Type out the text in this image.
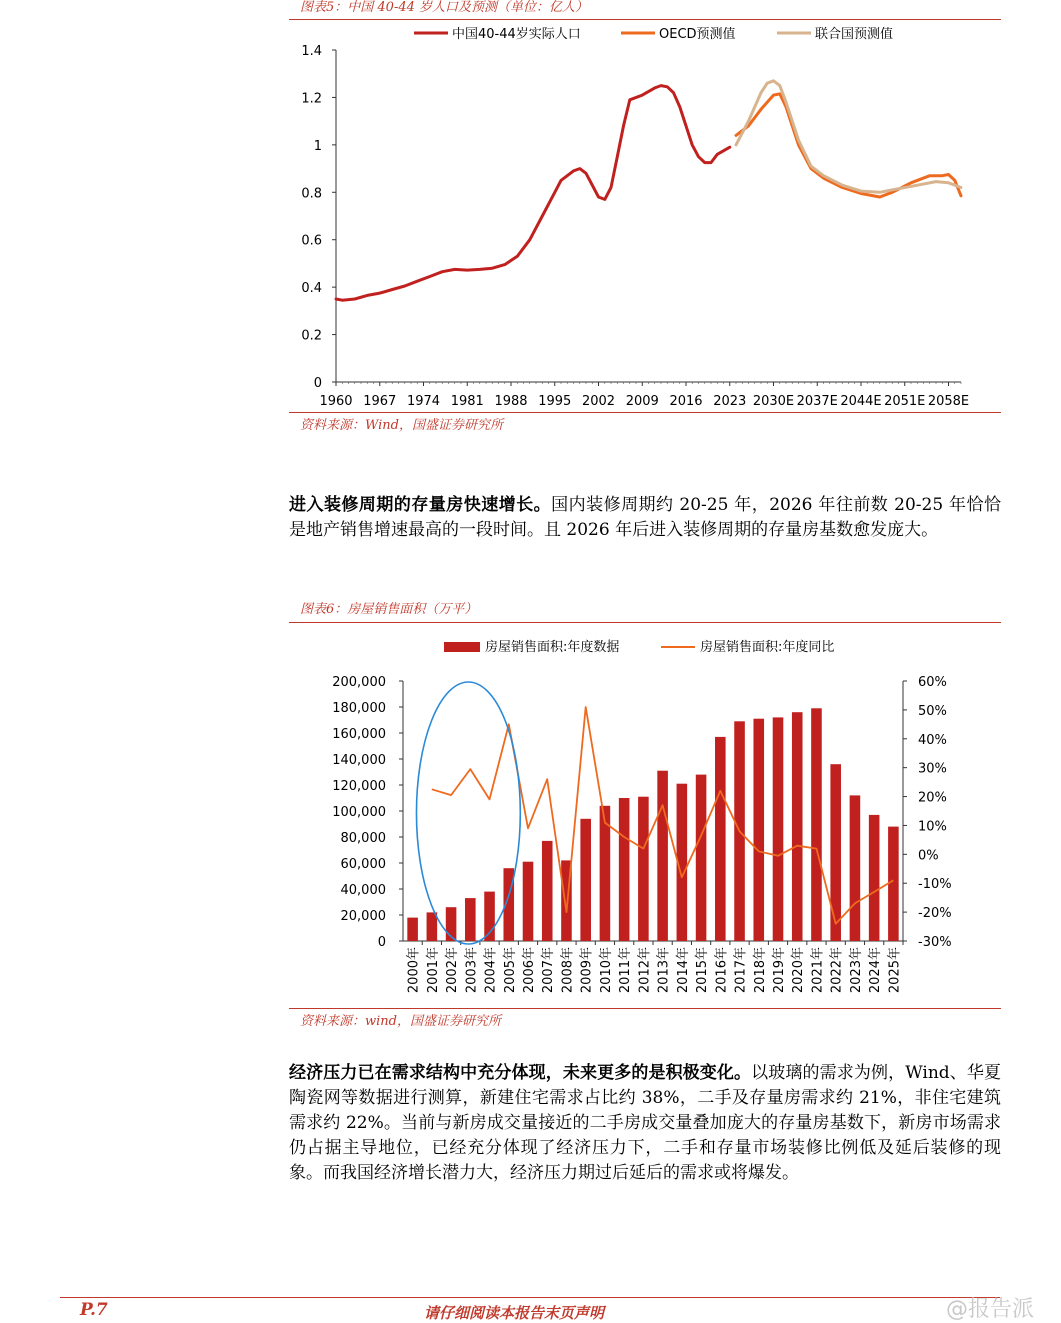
图表5：中国 40-44 岁人口及预测（单位：亿人）
0
0.2
0.4
0.6
0.8
1
1.2
1.4
1960 1967 1974 1981 1988 1995 2002 2009 2016 2023 2030E 2037E 2044E 2051E 2058E
中国40-44岁实际人口	OECD预测值	联合国预测值
资料来源：Wind，国盛证券研究所
进入装修周期的存量房快速增长。国内装修周期约 20-25 年，2026 年往前数 20-25 年恰恰是地产销售增速最高的一段时间。且 2026 年后进入装修周期的存量房基数愈发庞大。
图表6：房屋销售面积（万平）
0
20,000
40,000
60,000
80,000
100,000
120,000
140,000
160,000
180,000
200,000
-30%
-20%
-10%
0%
10%
20%
30%
40%
50%
60%
2000年 2001年 2002年 2003年 2004年 2005年 2006年 2007年 2008年 2009年 2010年 2011年 2012年 2013年 2014年 2015年 2016年 2017年 2018年 2019年 2020年 2021年 2022年 2023年 2024年 2025年
房屋销售面积:年度数据	房屋销售面积:年度同比
资料来源：wind，国盛证券研究所
经济压力已在需求结构中充分体现，未来更多的是积极变化。以玻璃的需求为例，Wind、华夏陶瓷网等数据进行测算，新建住宅需求占比约 38%，二手及存量房需求约 21%，非住宅建筑需求约 22%。当前与新房成交量接近的二手房成交量叠加庞大的存量房基数下，新房市场需求仍占据主导地位，已经充分体现了经济压力下，二手和存量市场装修比例低及延后装修的现象。而我国经济增长潜力大，经济压力期过后延后的需求或将爆发。
P.7	请仔细阅读本报告末页声明	@报告派
